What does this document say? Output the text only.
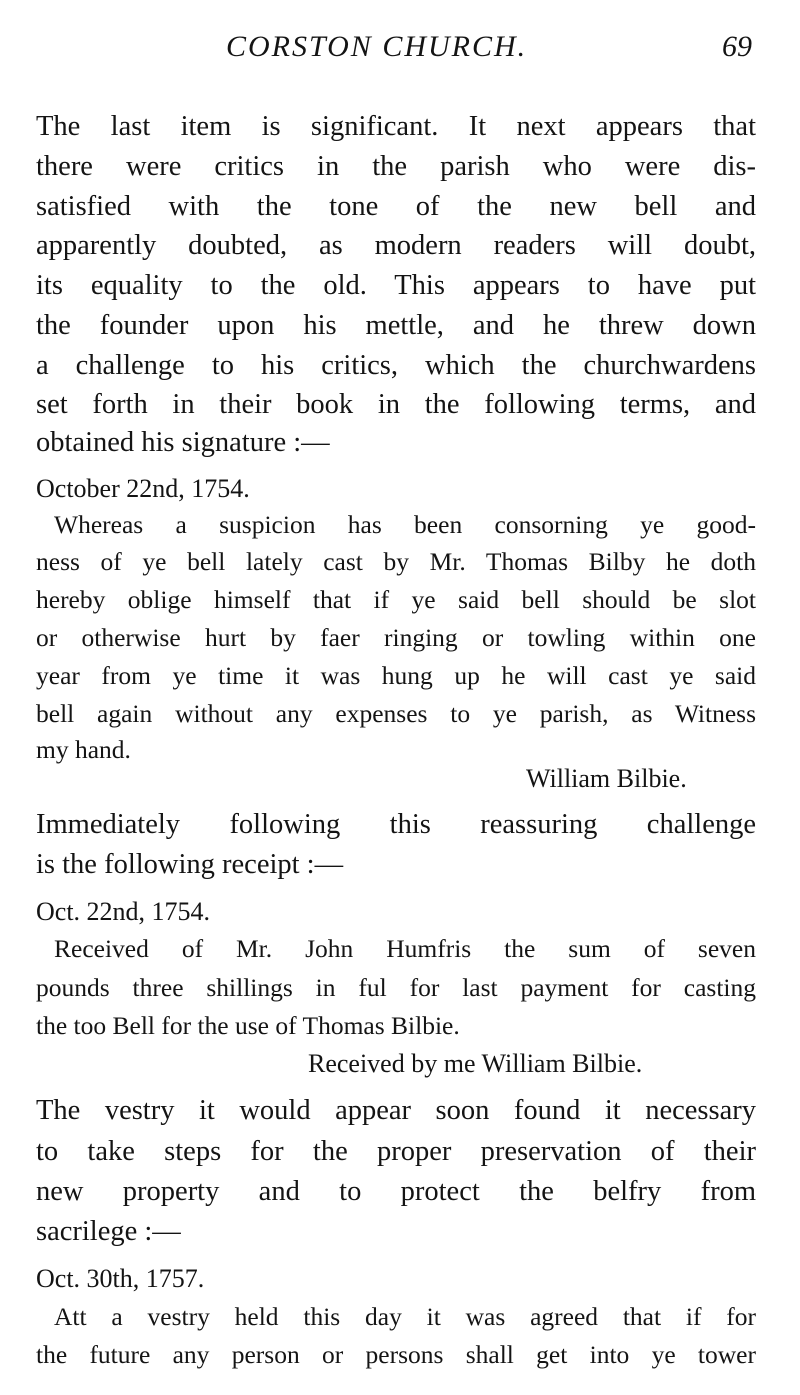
CORSTON CHURCH.	69
The last item is significant. It next appears that
there were critics in the parish who were dis-
satisfied with the tone of the new bell and
apparently doubted, as modern readers will doubt,
its equality to the old. This appears to have put
the founder upon his mettle, and he threw down
a challenge to his critics, which the churchwardens
set forth in their book in the following terms, and
obtained his signature :—
October 22nd, 1754.
Whereas a suspicion has been consorning ye good-
ness of ye bell lately cast by Mr. Thomas Bilby he doth
hereby oblige himself that if ye said bell should be slot
or otherwise hurt by faer ringing or towling within one
year from ye time it was hung up he will cast ye said
bell again without any expenses to ye parish, as Witness
my hand.
William Bilbie.
Immediately following this reassuring challenge
is the following receipt :—
Oct. 22nd, 1754.
Received of Mr. John Humfris the sum of seven
pounds three shillings in ful for last payment for casting
the too Bell for the use of Thomas Bilbie.
Received by me William Bilbie.
The vestry it would appear soon found it necessary
to take steps for the proper preservation of their
new property and to protect the belfry from
sacrilege :—
Oct. 30th, 1757.
Att a vestry held this day it was agreed that if for
the future any person or persons shall get into ye tower
